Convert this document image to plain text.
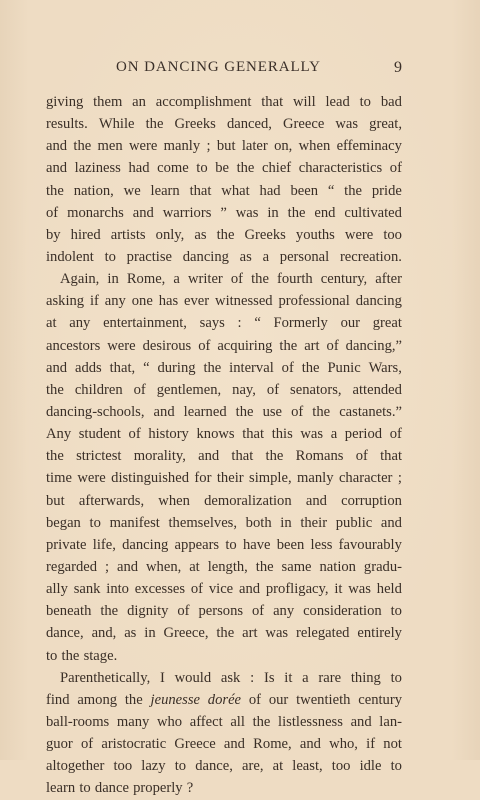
ON DANCING GENERALLY	9
giving them an accomplishment that will lead to bad
results. While the Greeks danced, Greece was great,
and the men were manly ; but later on, when effeminacy
and laziness had come to be the chief characteristics of
the nation, we learn that what had been “ the pride
of monarchs and warriors ” was in the end cultivated
by hired artists only, as the Greeks youths were too
indolent to practise dancing as a personal recreation.
Again, in Rome, a writer of the fourth century, after
asking if any one has ever witnessed professional dancing
at any entertainment, says : “ Formerly our great
ancestors were desirous of acquiring the art of dancing,”
and adds that, “ during the interval of the Punic Wars,
the children of gentlemen, nay, of senators, attended
dancing-schools, and learned the use of the castanets.”
Any student of history knows that this was a period of
the strictest morality, and that the Romans of that
time were distinguished for their simple, manly character ;
but afterwards, when demoralization and corruption
began to manifest themselves, both in their public and
private life, dancing appears to have been less favourably
regarded ; and when, at length, the same nation gradu-
ally sank into excesses of vice and profligacy, it was held
beneath the dignity of persons of any consideration to
dance, and, as in Greece, the art was relegated entirely
to the stage.
Parenthetically, I would ask : Is it a rare thing to
find among the jeunesse dorée of our twentieth century
ball-rooms many who affect all the listlessness and lan-
guor of aristocratic Greece and Rome, and who, if not
altogether too lazy to dance, are, at least, too idle to
learn to dance properly ?
